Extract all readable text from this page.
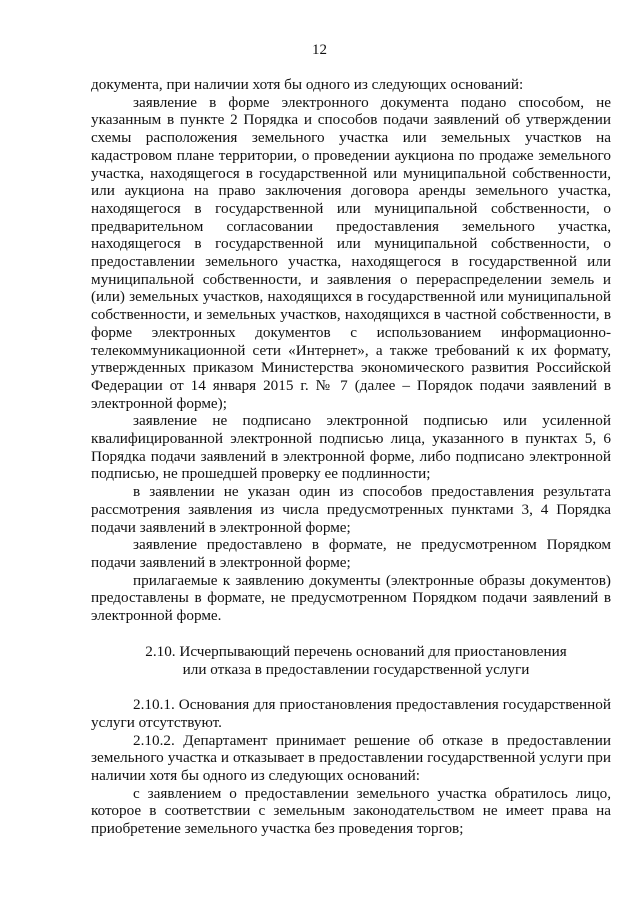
12

документа, при наличии хотя бы одного из следующих оснований:

заявление в форме электронного документа подано способом, не указанным в пункте 2 Порядка и способов подачи заявлений об утверждении схемы расположения земельного участка или земельных участков на кадастровом плане территории, о проведении аукциона по продаже земельного участка, находящегося в государственной или муниципальной собственности, или аукциона на право заключения договора аренды земельного участка, находящегося в государственной или муниципальной собственности, о предварительном согласовании предоставления земельного участка, находящегося в государственной или муниципальной собственности, о предоставлении земельного участка, находящегося в государственной или муниципальной собственности, и заявления о перераспределении земель и (или) земельных участков, находящихся в государственной или муниципальной собственности, и земельных участков, находящихся в частной собственности, в форме электронных документов с использованием информационно-телекоммуникационной сети «Интернет», а также требований к их формату, утвержденных приказом Министерства экономического развития Российской Федерации от 14 января 2015 г. № 7 (далее – Порядок подачи заявлений в электронной форме);

заявление не подписано электронной подписью или усиленной квалифицированной электронной подписью лица, указанного в пунктах 5, 6 Порядка подачи заявлений в электронной форме, либо подписано электронной подписью, не прошедшей проверку ее подлинности;

в заявлении не указан один из способов предоставления результата рассмотрения заявления из числа предусмотренных пунктами 3, 4 Порядка подачи заявлений в электронной форме;

заявление предоставлено в формате, не предусмотренном Порядком подачи заявлений в электронной форме;

прилагаемые к заявлению документы (электронные образы документов) предоставлены в формате, не предусмотренном Порядком подачи заявлений в электронной форме.

2.10. Исчерпывающий перечень оснований для приостановления
или отказа в предоставлении государственной услуги

2.10.1. Основания для приостановления предоставления государственной услуги отсутствуют.

2.10.2. Департамент принимает решение об отказе в предоставлении земельного участка и отказывает в предоставлении государственной услуги при наличии хотя бы одного из следующих оснований:

с заявлением о предоставлении земельного участка обратилось лицо, которое в соответствии с земельным законодательством не имеет права на приобретение земельного участка без проведения торгов;
